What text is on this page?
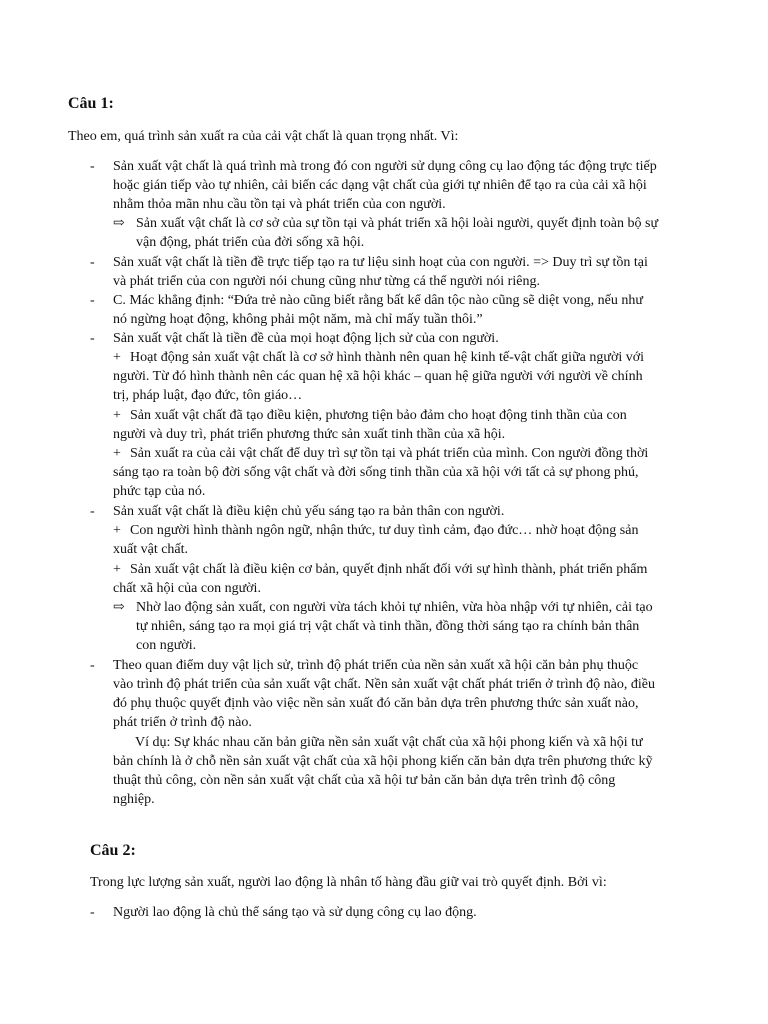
Câu 1:
Theo em, quá trình sản xuất ra của cải vật chất là quan trọng nhất. Vì:
- Sản xuất vật chất là quá trình mà trong đó con người sử dụng công cụ lao động tác động trực tiếp
hoặc gián tiếp vào tự nhiên, cải biến các dạng vật chất của giới tự nhiên để tạo ra của cải xã hội
nhằm thỏa mãn nhu cầu tồn tại và phát triển của con người.
⇨ Sản xuất vật chất là cơ sở của sự tồn tại và phát triển xã hội loài người, quyết định toàn bộ sự
vận động, phát triển của đời sống xã hội.
- Sản xuất vật chất là tiền đề trực tiếp tạo ra tư liệu sinh hoạt của con người. => Duy trì sự tồn tại
và phát triển của con người nói chung cũng như từng cá thể người nói riêng.
- C. Mác khẳng định: “Đứa trẻ nào cũng biết rằng bất kể dân tộc nào cũng sẽ diệt vong, nếu như
nó ngừng hoạt động, không phải một năm, mà chỉ mấy tuần thôi.”
- Sản xuất vật chất là tiền đề của mọi hoạt động lịch sử của con người.
+ Hoạt động sản xuất vật chất là cơ sở hình thành nên quan hệ kinh tế-vật chất giữa người với
người. Từ đó hình thành nên các quan hệ xã hội khác – quan hệ giữa người với người về chính
trị, pháp luật, đạo đức, tôn giáo…
+ Sản xuất vật chất đã tạo điều kiện, phương tiện bảo đảm cho hoạt động tinh thần của con
người và duy trì, phát triển phương thức sản xuất tinh thần của xã hội.
+ Sản xuất ra của cải vật chất để duy trì sự tồn tại và phát triển của mình. Con người đồng thời
sáng tạo ra toàn bộ đời sống vật chất và đời sống tinh thần của xã hội với tất cả sự phong phú,
phức tạp của nó.
- Sản xuất vật chất là điều kiện chủ yếu sáng tạo ra bản thân con người.
+ Con người hình thành ngôn ngữ, nhận thức, tư duy tình cảm, đạo đức… nhờ hoạt động sản
xuất vật chất.
+ Sản xuất vật chất là điều kiện cơ bản, quyết định nhất đối với sự hình thành, phát triển phẩm
chất xã hội của con người.
⇨ Nhờ lao động sản xuất, con người vừa tách khỏi tự nhiên, vừa hòa nhập với tự nhiên, cải tạo
tự nhiên, sáng tạo ra mọi giá trị vật chất và tinh thần, đồng thời sáng tạo ra chính bản thân
con người.
- Theo quan điểm duy vật lịch sử, trình độ phát triển của nền sản xuất xã hội căn bản phụ thuộc
vào trình độ phát triển của sản xuất vật chất. Nền sản xuất vật chất phát triển ở trình độ nào, điều
đó phụ thuộc quyết định vào việc nền sản xuất đó căn bản dựa trên phương thức sản xuất nào,
phát triển ở trình độ nào.
Ví dụ: Sự khác nhau căn bản giữa nền sản xuất vật chất của xã hội phong kiến và xã hội tư
bản chính là ở chỗ nền sản xuất vật chất của xã hội phong kiến căn bản dựa trên phương thức kỹ
thuật thủ công, còn nền sản xuất vật chất của xã hội tư bản căn bản dựa trên trình độ công
nghiệp.
Câu 2:
Trong lực lượng sản xuất, người lao động là nhân tố hàng đầu giữ vai trò quyết định. Bởi vì:
- Người lao động là chủ thể sáng tạo và sử dụng công cụ lao động.
